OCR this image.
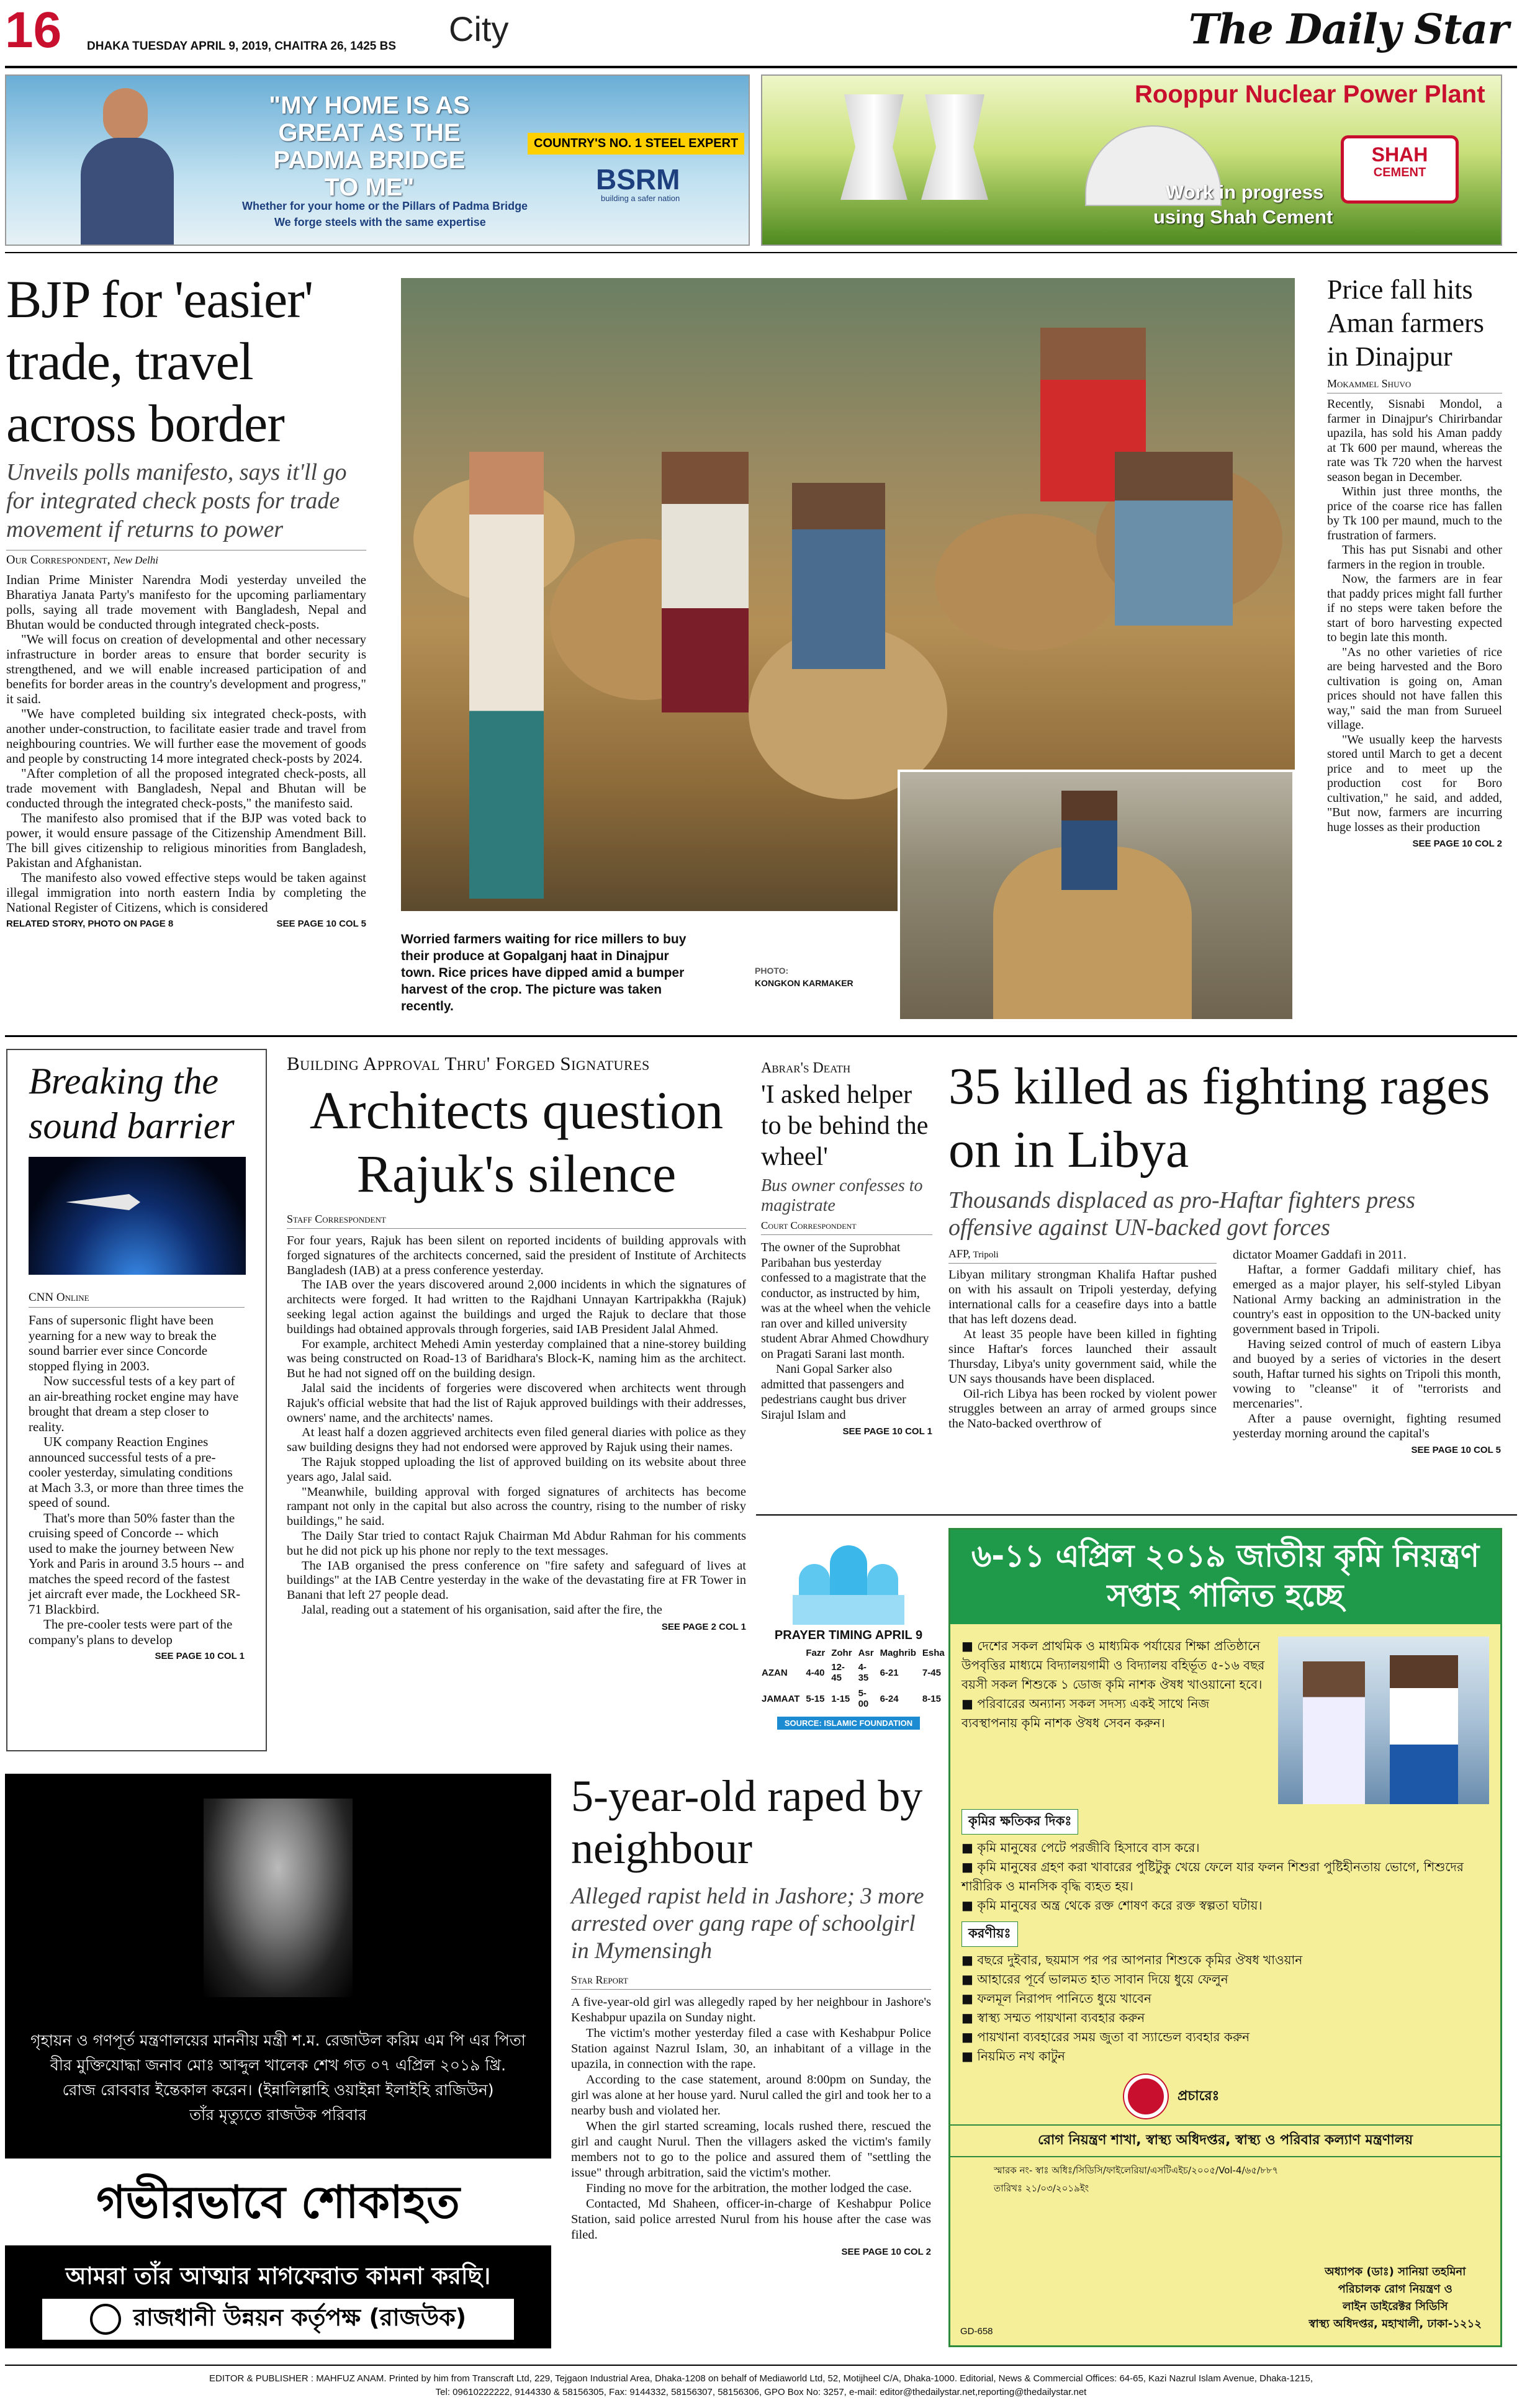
16 DHAKA TUESDAY APRIL 9, 2019, CHAITRA 26, 1425 BS City	The Daily Star
"MY HOME IS AS GREAT AS THE PADMA BRIDGE TO ME"
COUNTRY'S NO. 1 STEEL EXPERT
BSRM
building a safer nation
Whether for your home or the Pillars of Padma Bridge
We forge steels with the same expertise
Rooppur Nuclear Power Plant
SHAH
CEMENT
Work in progress
using Shah Cement
BJP for 'easier' trade, travel across border
Unveils polls manifesto, says it'll go for integrated check posts for trade movement if returns to power
Our Correspondent, New Delhi

Indian Prime Minister Narendra Modi yesterday unveiled the Bharatiya Janata Party's manifesto for the upcoming parliamentary polls, saying all trade movement with Bangladesh, Nepal and Bhutan would be conducted through integrated check-posts.

"We will focus on creation of developmental and other necessary infrastructure in border areas to ensure that border security is strengthened, and we will enable increased participation of and benefits for border areas in the country's development and progress," it said.

"We have completed building six integrated check-posts, with another under-construction, to facilitate easier trade and travel from neighbouring countries. We will further ease the movement of goods and people by constructing 14 more integrated check-posts by 2024.

"After completion of all the proposed integrated check-posts, all trade movement with Bangladesh, Nepal and Bhutan will be conducted through the integrated check-posts," the manifesto said.

The manifesto also promised that if the BJP was voted back to power, it would ensure passage of the Citizenship Amendment Bill. The bill gives citizenship to religious minorities from Bangladesh, Pakistan and Afghanistan.

The manifesto also vowed effective steps would be taken against illegal immigration into north eastern India by completing the National Register of Citizens, which is considered

RELATED STORY, PHOTO ON PAGE 8	SEE PAGE 10 COL 5
Worried farmers waiting for rice millers to buy their produce at Gopalganj haat in Dinajpur town. Rice prices have dipped amid a bumper harvest of the crop. The picture was taken recently.
PHOTO:
KONGKON KARMAKER
Price fall hits Aman farmers in Dinajpur
Mokammel Shuvo

Recently, Sisnabi Mondol, a farmer in Dinajpur's Chirirbandar upazila, has sold his Aman paddy at Tk 600 per maund, whereas the rate was Tk 720 when the harvest season began in December.

Within just three months, the price of the coarse rice has fallen by Tk 100 per maund, much to the frustration of farmers.

This has put Sisnabi and other farmers in the region in trouble.

Now, the farmers are in fear that paddy prices might fall further if no steps were taken before the start of boro harvesting expected to begin late this month.

"As no other varieties of rice are being harvested and the Boro cultivation is going on, Aman prices should not have fallen this way," said the man from Surueel village.

"We usually keep the harvests stored until March to get a decent price and to meet up the production cost for Boro cultivation," he said, and added, "But now, farmers are incurring huge losses as their production

SEE PAGE 10 COL 2
Breaking the sound barrier
CNN Online

Fans of supersonic flight have been yearning for a new way to break the sound barrier ever since Concorde stopped flying in 2003.

Now successful tests of a key part of an air-breathing rocket engine may have brought that dream a step closer to reality.

UK company Reaction Engines announced successful tests of a pre-cooler yesterday, simulating conditions at Mach 3.3, or more than three times the speed of sound.

That's more than 50% faster than the cruising speed of Concorde -- which used to make the journey between New York and Paris in around 3.5 hours -- and matches the speed record of the fastest jet aircraft ever made, the Lockheed SR-71 Blackbird.

The pre-cooler tests were part of the company's plans to develop

SEE PAGE 10 COL 1
Building Approval Thru' Forged Signatures
Architects question Rajuk's silence
Staff Correspondent

For four years, Rajuk has been silent on reported incidents of building approvals with forged signatures of the architects concerned, said the president of Institute of Architects Bangladesh (IAB) at a press conference yesterday.

The IAB over the years discovered around 2,000 incidents in which the signatures of architects were forged. It had written to the Rajdhani Unnayan Kartripakkha (Rajuk) seeking legal action against the buildings and urged the Rajuk to declare that those buildings had obtained approvals through forgeries, said IAB President Jalal Ahmed.

For example, architect Mehedi Amin yesterday complained that a nine-storey building was being constructed on Road-13 of Baridhara's Block-K, naming him as the architect. But he had not signed off on the building design.

Jalal said the incidents of forgeries were discovered when architects went through Rajuk's official website that had the list of Rajuk approved buildings with their addresses, owners' name, and the architects' names.

At least half a dozen aggrieved architects even filed general diaries with police as they saw building designs they had not endorsed were approved by Rajuk using their names.

The Rajuk stopped uploading the list of approved building on its website about three years ago, Jalal said.

"Meanwhile, building approval with forged signatures of architects has become rampant not only in the capital but also across the country, rising to the number of risky buildings," he said.

The Daily Star tried to contact Rajuk Chairman Md Abdur Rahman for his comments but he did not pick up his phone nor reply to the text messages.

The IAB organised the press conference on "fire safety and safeguard of lives at buildings" at the IAB Centre yesterday in the wake of the devastating fire at FR Tower in Banani that left 27 people dead.

Jalal, reading out a statement of his organisation, said after the fire, the

SEE PAGE 2 COL 1
Abrar's Death
'I asked helper to be behind the wheel'
Bus owner confesses to magistrate
Court Correspondent

The owner of the Suprobhat Paribahan bus yesterday confessed to a magistrate that the conductor, as instructed by him, was at the wheel when the vehicle ran over and killed university student Abrar Ahmed Chowdhury on Pragati Sarani last month.

Nani Gopal Sarker also admitted that passengers and pedestrians caught bus driver Sirajul Islam and

SEE PAGE 10 COL 1
35 killed as fighting rages on in Libya
Thousands displaced as pro-Haftar fighters press offensive against UN-backed govt forces
AFP, Tripoli

Libyan military strongman Khalifa Haftar pushed on with his assault on Tripoli yesterday, defying international calls for a ceasefire days into a battle that has left dozens dead.

At least 35 people have been killed in fighting since Haftar's forces launched their assault Thursday, Libya's unity government said, while the UN says thousands have been displaced.

Oil-rich Libya has been rocked by violent power struggles between an array of armed groups since the Nato-backed overthrow of

dictator Moamer Gaddafi in 2011.

Haftar, a former Gaddafi military chief, has emerged as a major player, his self-styled Libyan National Army backing an administration in the country's east in opposition to the UN-backed unity government based in Tripoli.

Having seized control of much of eastern Libya and buoyed by a series of victories in the desert south, Haftar turned his sights on Tripoli this month, vowing to "cleanse" it of "terrorists and mercenaries".

After a pause overnight, fighting resumed yesterday morning around the capital's

SEE PAGE 10 COL 5
PRAYER TIMING APRIL 9
	Fazr	Zohr	Asr	Maghrib	Esha
AZAN	4-40	12-45	4-35	6-21	7-45
JAMAAT	5-15	1-15	5-00	6-24	8-15
SOURCE: ISLAMIC FOUNDATION
৬-১১ এপ্রিল ২০১৯ জাতীয় কৃমি নিয়ন্ত্রণ
সপ্তাহ পালিত হচ্ছে
■ দেশের সকল প্রাথমিক ও মাধ্যমিক পর্যায়ের শিক্ষা প্রতিষ্ঠানে উপবৃত্তির মাধ্যমে বিদ্যালয়গামী ও বিদ্যালয় বহির্ভূত ৫-১৬ বছর বয়সী সকল শিশুকে ১ ডোজ কৃমি নাশক ঔষধ খাওয়ানো হবে।
■ পরিবারের অন্যান্য সকল সদস্য একই সাথে নিজ ব্যবস্থাপনায় কৃমি নাশক ঔষধ সেবন করুন।
কৃমির ক্ষতিকর দিকঃ
■ কৃমি মানুষের পেটে পরজীবি হিসাবে বাস করে।
■ কৃমি মানুষের গ্রহণ করা খাবারের পুষ্টিটুকু খেয়ে ফেলে যার ফলন শিশুরা পুষ্টিহীনতায় ভোগে, শিশুদের শারীরিক ও মানসিক বৃদ্ধি ব্যহত হয়।
■ কৃমি মানুষের অন্ত্র থেকে রক্ত শোষণ করে রক্ত স্বল্পতা ঘটায়।
করণীয়ঃ
■ বছরে দুইবার, ছয়মাস পর পর আপনার শিশুকে কৃমির ঔষধ খাওয়ান
■ আহারের পূর্বে ভালমত হাত সাবান দিয়ে ধুয়ে ফেলুন
■ ফলমূল নিরাপদ পানিতে ধুয়ে খাবেন
■ স্বাস্থ্য সম্মত পায়খানা ব্যবহার করুন
■ পায়খানা ব্যবহারের সময় জুতা বা স্যান্ডেল ব্যবহার করুন
■ নিয়মিত নখ কাটুন
প্রচারেঃ
রোগ নিয়ন্ত্রণ শাখা, স্বাস্থ্য অধিদপ্তর, স্বাস্থ্য ও পরিবার কল্যাণ মন্ত্রণালয়
স্মারক নং- স্বাঃ অধিঃ/সিডিসি/ফাইলেরিয়া/এসটিএইচ/২০০৫/Vol-4/৬৫/৮৮৭
তারিখঃ ২১/০৩/২০১৯ইং
অধ্যাপক (ডাঃ) সানিয়া তহমিনা
পরিচালক রোগ নিয়ন্ত্রণ ও
লাইন ডাইরেক্টর সিডিসি
স্বাস্থ্য অধিদপ্তর, মহাখালী, ঢাকা-১২১২
GD-658
গৃহায়ন ও গণপূর্ত মন্ত্রণালয়ের মাননীয় মন্ত্রী শ.ম. রেজাউল করিম এম পি এর পিতা
বীর মুক্তিযোদ্ধা জনাব মোঃ আব্দুল খালেক শেখ গত ০৭ এপ্রিল ২০১৯ খ্রি.
রোজ রোববার ইন্তেকাল করেন। (ইন্নালিল্লাহি ওয়াইন্না ইলাইহি রাজিউন)
তাঁর মৃত্যুতে রাজউক পরিবার
গভীরভাবে শোকাহত
আমরা তাঁর আত্মার মাগফেরাত কামনা করছি।
রাজধানী উন্নয়ন কর্তৃপক্ষ (রাজউক)
5-year-old raped by neighbour
Alleged rapist held in Jashore; 3 more arrested over gang rape of schoolgirl in Mymensingh
Star Report

A five-year-old girl was allegedly raped by her neighbour in Jashore's Keshabpur upazila on Sunday night.

The victim's mother yesterday filed a case with Keshabpur Police Station against Nazrul Islam, 30, an inhabitant of a village in the upazila, in connection with the rape.

According to the case statement, around 8:00pm on Sunday, the girl was alone at her house yard. Nurul called the girl and took her to a nearby bush and violated her.

When the girl started screaming, locals rushed there, rescued the girl and caught Nurul. Then the villagers asked the victim's family members not to go to the police and assured them of "settling the issue" through arbitration, said the victim's mother.

Finding no move for the arbitration, the mother lodged the case.

Contacted, Md Shaheen, officer-in-charge of Keshabpur Police Station, said police arrested Nurul from his house after the case was filed.

SEE PAGE 10 COL 2
EDITOR & PUBLISHER : MAHFUZ ANAM. Printed by him from Transcraft Ltd, 229, Tejgaon Industrial Area, Dhaka-1208 on behalf of Mediaworld Ltd, 52, Motijheel C/A, Dhaka-1000. Editorial, News & Commercial Offices: 64-65, Kazi Nazrul Islam Avenue, Dhaka-1215,
Tel: 09610222222, 9144330 & 58156305, Fax: 9144332, 58156307, 58156306, GPO Box No: 3257, e-mail: editor@thedailystar.net,reporting@thedailystar.net
